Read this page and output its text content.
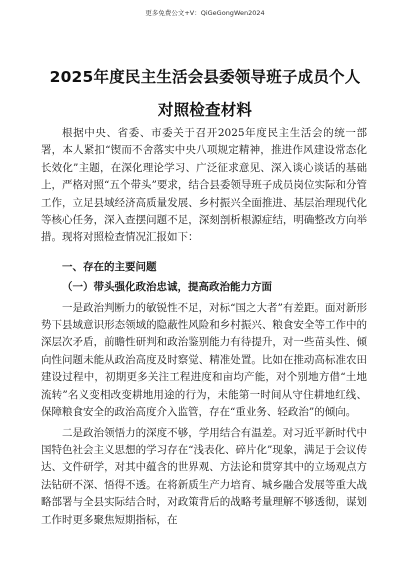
更多免费公文+V：QiGeGongWen2024
2025年度民主生活会县委领导班子成员个人
对照检查材料

根据中央、省委、市委关于召开2025年度民主生活会的统一部署，本人紧扣“锲而不舍落实中央八项规定精神，推进作风建设常态化长效化”主题，在深化理论学习、广泛征求意见、深入谈心谈话的基础上，严格对照“五个带头”要求，结合县委领导班子成员岗位实际和分管工作，立足县域经济高质量发展、乡村振兴全面推进、基层治理现代化等核心任务，深入查摆问题不足，深刻剖析根源症结，明确整改方向举措。现将对照检查情况汇报如下：

一、存在的主要问题
（一）带头强化政治忠诚，提高政治能力方面

一是政治判断力的敏锐性不足，对标“国之大者”有差距。面对新形势下县域意识形态领域的隐蔽性风险和乡村振兴、粮食安全等工作中的深层次矛盾，前瞻性研判和政治鉴别能力有待提升，对一些苗头性、倾向性问题未能从政治高度及时察觉、精准处置。比如在推动高标准农田建设过程中，初期更多关注工程进度和亩均产能，对个别地方借“土地流转”名义变相改变耕地用途的行为，未能第一时间从守住耕地红线、保障粮食安全的政治高度介入监管，存在“重业务、轻政治”的倾向。

二是政治领悟力的深度不够，学用结合有温差。对习近平新时代中国特色社会主义思想的学习存在“浅表化、碎片化”现象，满足于会议传达、文件研学，对其中蕴含的世界观、方法论和贯穿其中的立场观点方法钻研不深、悟得不透。在将新质生产力培育、城乡融合发展等重大战略部署与全县实际结合时，对政策背后的战略考量理解不够透彻，谋划工作时更多聚焦短期指标，在
